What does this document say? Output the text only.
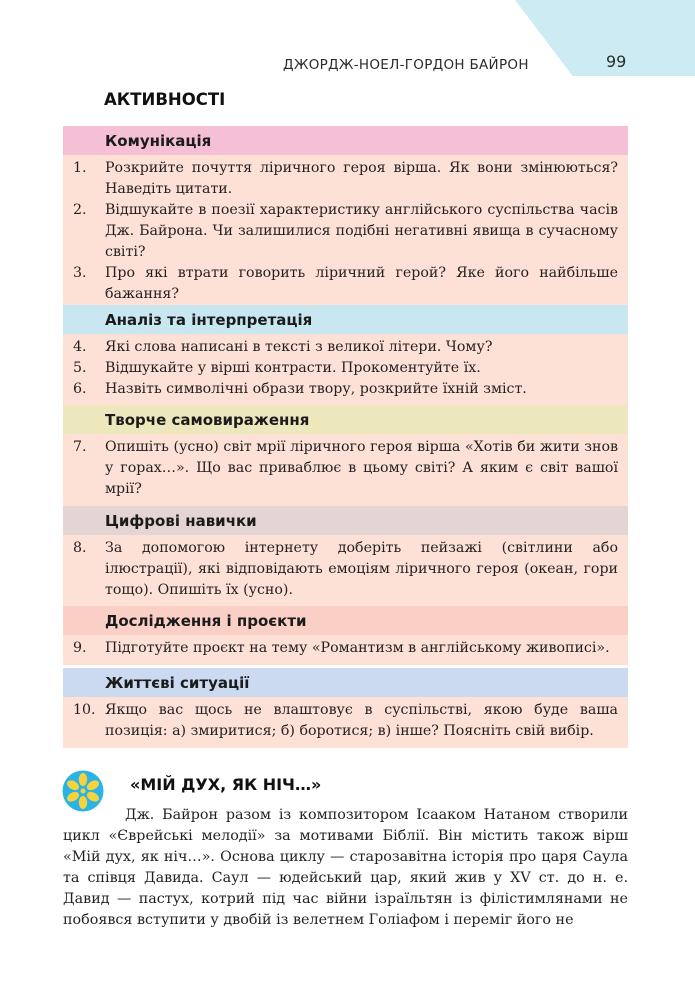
ДЖОРДЖ-НОЕЛ-ГОРДОН БАЙРОН	99
АКТИВНОСТІ
Комунікація
1.	Розкрийте почуття ліричного героя вірша. Як вони змінюються? Наведіть цитати.
2.	Відшукайте в поезії характеристику англійського суспільства часів Дж. Байрона. Чи залишилися подібні негативні явища в сучасному світі?
3.	Про які втрати говорить ліричний герой? Яке його найбільше бажання?
Аналіз та інтерпретація
4.	Які слова написані в тексті з великої літери. Чому?
5.	Відшукайте у вірші контрасти. Прокоментуйте їх.
6.	Назвіть символічні образи твору, розкрийте їхній зміст.
Творче самовираження
7.	Опишіть (усно) світ мрії ліричного героя вірша «Хотів би жити знов у горах…». Що вас приваблює в цьому світі? А яким є світ вашої мрії?
Цифрові навички
8.	За допомогою інтернету доберіть пейзажі (світлини або ілюстрації), які відповідають емоціям ліричного героя (океан, гори тощо). Опишіть їх (усно).
Дослідження і проєкти
9.	Підготуйте проєкт на тему «Романтизм в англійському живописі».
Життєві ситуації
10. Якщо вас щось не влаштовує в суспільстві, якою буде ваша позиція: а) змиритися; б) боротися; в) інше? Поясніть свій вибір.
«МІЙ ДУХ, ЯК НІЧ…»

Дж. Байрон разом із композитором Ісааком Натаном створили цикл «Єврейські мелодії» за мотивами Біблії. Він містить також вірш «Мій дух, як ніч…». Основа циклу — старозавітна історія про царя Саула та співця Давида. Саул — юдейський цар, який жив у XV ст. до н. е. Давид — пастух, котрий під час війни ізраїльтян із філістимлянами не побоявся вступити у двобій із велетнем Голіафом і переміг його не
